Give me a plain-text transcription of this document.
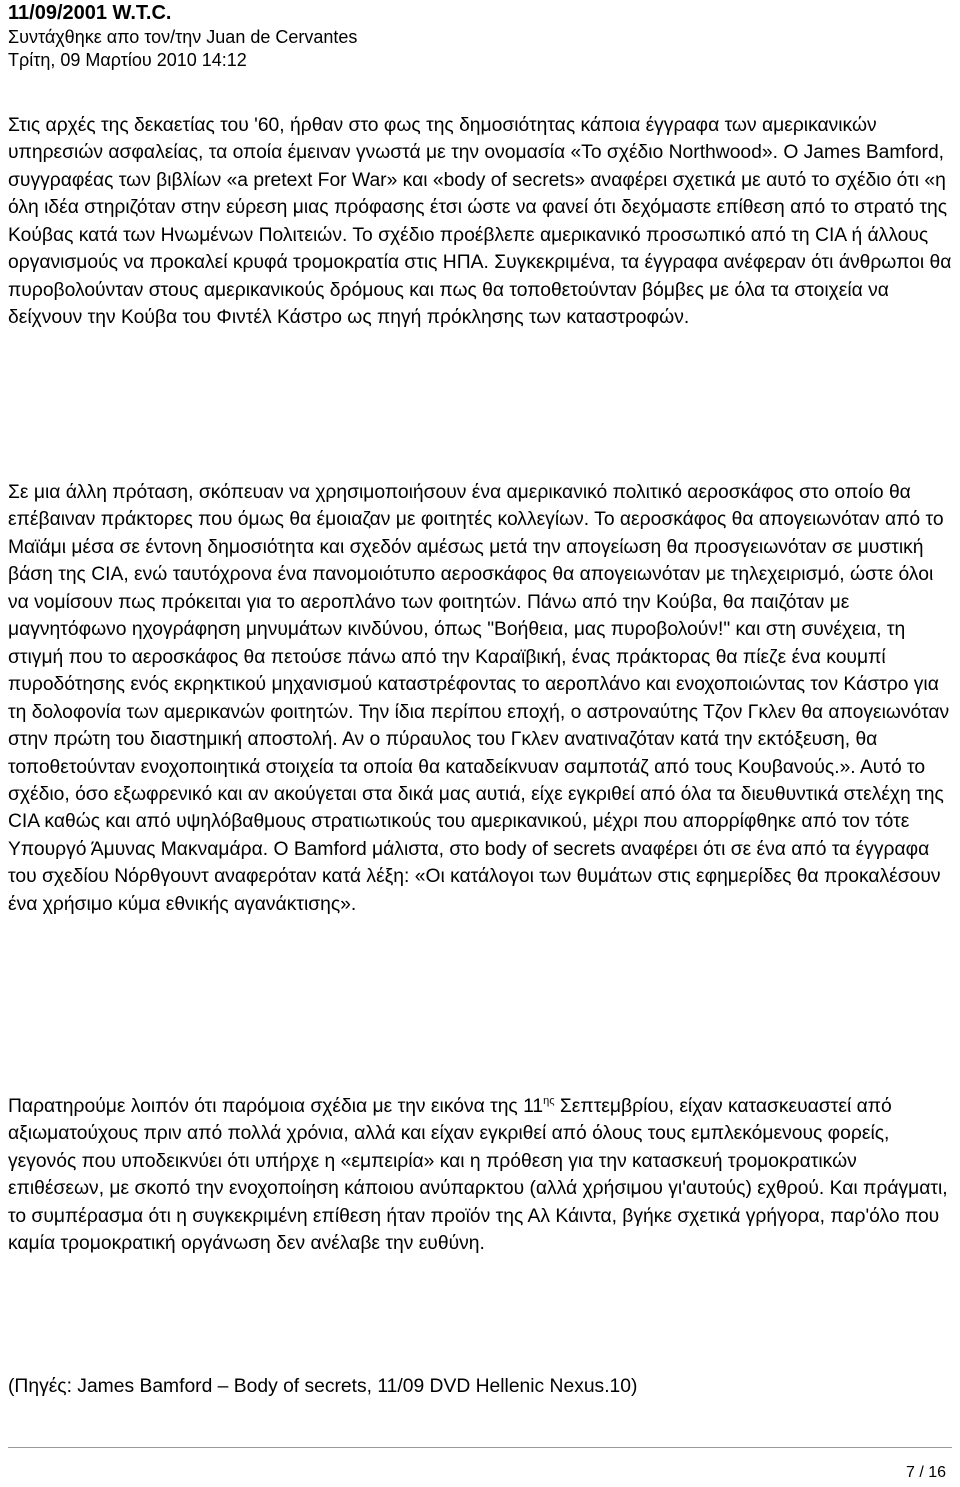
11/09/2001 W.T.C.

Συντάχθηκε απο τον/την Juan de Cervantes

Τρίτη, 09 Μαρτίου 2010 14:12

Στις αρχές της δεκαετίας του '60, ήρθαν στο φως της δημοσιότητας κάποια έγγραφα των αμερικανικών υπηρεσιών ασφαλείας, τα οποία έμειναν γνωστά με την ονομασία «Το σχέδιο Northwood». Ο James Bamford, συγγραφέας των βιβλίων «a pretext For War» και «body of secrets» αναφέρει σχετικά με αυτό το σχέδιο ότι «η όλη ιδέα στηριζόταν στην εύρεση μιας πρόφασης έτσι ώστε να φανεί ότι δεχόμαστε επίθεση από το στρατό της Κούβας κατά των Ηνωμένων Πολιτειών. Το σχέδιο προέβλεπε αμερικανικό προσωπικό από τη CIA ή άλλους οργανισμούς να προκαλεί κρυφά τρομοκρατία στις ΗΠΑ. Συγκεκριμένα, τα έγγραφα ανέφεραν ότι άνθρωποι θα πυροβολούνταν στους αμερικανικούς δρόμους και πως θα τοποθετούνταν βόμβες με όλα τα στοιχεία να δείχνουν την Κούβα του Φιντέλ Κάστρο ως πηγή πρόκλησης των καταστροφών.

Σε μια άλλη πρόταση, σκόπευαν να χρησιμοποιήσουν ένα αμερικανικό πολιτικό αεροσκάφος στο οποίο θα επέβαιναν πράκτορες που όμως θα έμοιαζαν με φοιτητές κολλεγίων. Το αεροσκάφος θα απογειωνόταν από το Μαϊάμι μέσα σε έντονη δημοσιότητα και σχεδόν αμέσως μετά την απογείωση θα προσγειωνόταν σε μυστική βάση της CIA, ενώ ταυτόχρονα ένα πανομοιότυπο αεροσκάφος θα απογειωνόταν με τηλεχειρισμό, ώστε όλοι να νομίσουν πως πρόκειται για το αεροπλάνο των φοιτητών. Πάνω από την Κούβα, θα παιζόταν με μαγνητόφωνο ηχογράφηση μηνυμάτων κινδύνου, όπως "Βοήθεια, μας πυροβολούν!" και στη συνέχεια, τη στιγμή που το αεροσκάφος θα πετούσε πάνω από την Καραϊβική, ένας πράκτορας θα πίεζε ένα κουμπί πυροδότησης ενός εκρηκτικού μηχανισμού καταστρέφοντας το αεροπλάνο και ενοχοποιώντας τον Κάστρο για τη δολοφονία των αμερικανών φοιτητών. Την ίδια περίπου εποχή, ο αστροναύτης Τζον Γκλεν θα απογειωνόταν στην πρώτη του διαστημική αποστολή. Αν ο πύραυλος του Γκλεν ανατιναζόταν κατά την εκτόξευση, θα τοποθετούνταν ενοχοποιητικά στοιχεία τα οποία θα καταδείκνυαν σαμποτάζ από τους Κουβανούς.». Αυτό το σχέδιο, όσο εξωφρενικό και αν ακούγεται στα δικά μας αυτιά, είχε εγκριθεί από όλα τα διευθυντικά στελέχη της CIA καθώς και από υψηλόβαθμους στρατιωτικούς του αμερικανικού, μέχρι που απορρίφθηκε από τον τότε Υπουργό Άμυνας Μακναμάρα. Ο Bamford μάλιστα, στο body of secrets αναφέρει ότι σε ένα από τα έγγραφα του σχεδίου Νόρθγουντ αναφερόταν κατά λέξη: «Οι κατάλογοι των θυμάτων στις εφημερίδες θα προκαλέσουν ένα χρήσιμο κύμα εθνικής αγανάκτισης».

Παρατηρούμε λοιπόν ότι παρόμοια σχέδια με την εικόνα της $11^{\eta\varsigma}$ Σεπτεμβρίου, είχαν κατασκευαστεί από αξιωματούχους πριν από πολλά χρόνια, αλλά και είχαν εγκριθεί από όλους τους εμπλεκόμενους φορείς, γεγονός που υποδεικνύει ότι υπήρχε η «εμπειρία» και η πρόθεση για την κατασκευή τρομοκρατικών επιθέσεων, με σκοπό την ενοχοποίηση κάποιου ανύπαρκτου (αλλά χρήσιμου γι'αυτούς) εχθρού. Και πράγματι, το συμπέρασμα ότι η συγκεκριμένη επίθεση ήταν προϊόν της Αλ Κάιντα, βγήκε σχετικά γρήγορα, παρ'όλο που καμία τρομοκρατική οργάνωση δεν ανέλαβε την ευθύνη.

(Πηγές: James Bamford – Body of secrets, 11/09 DVD Hellenic Nexus.10)

7 / 16
